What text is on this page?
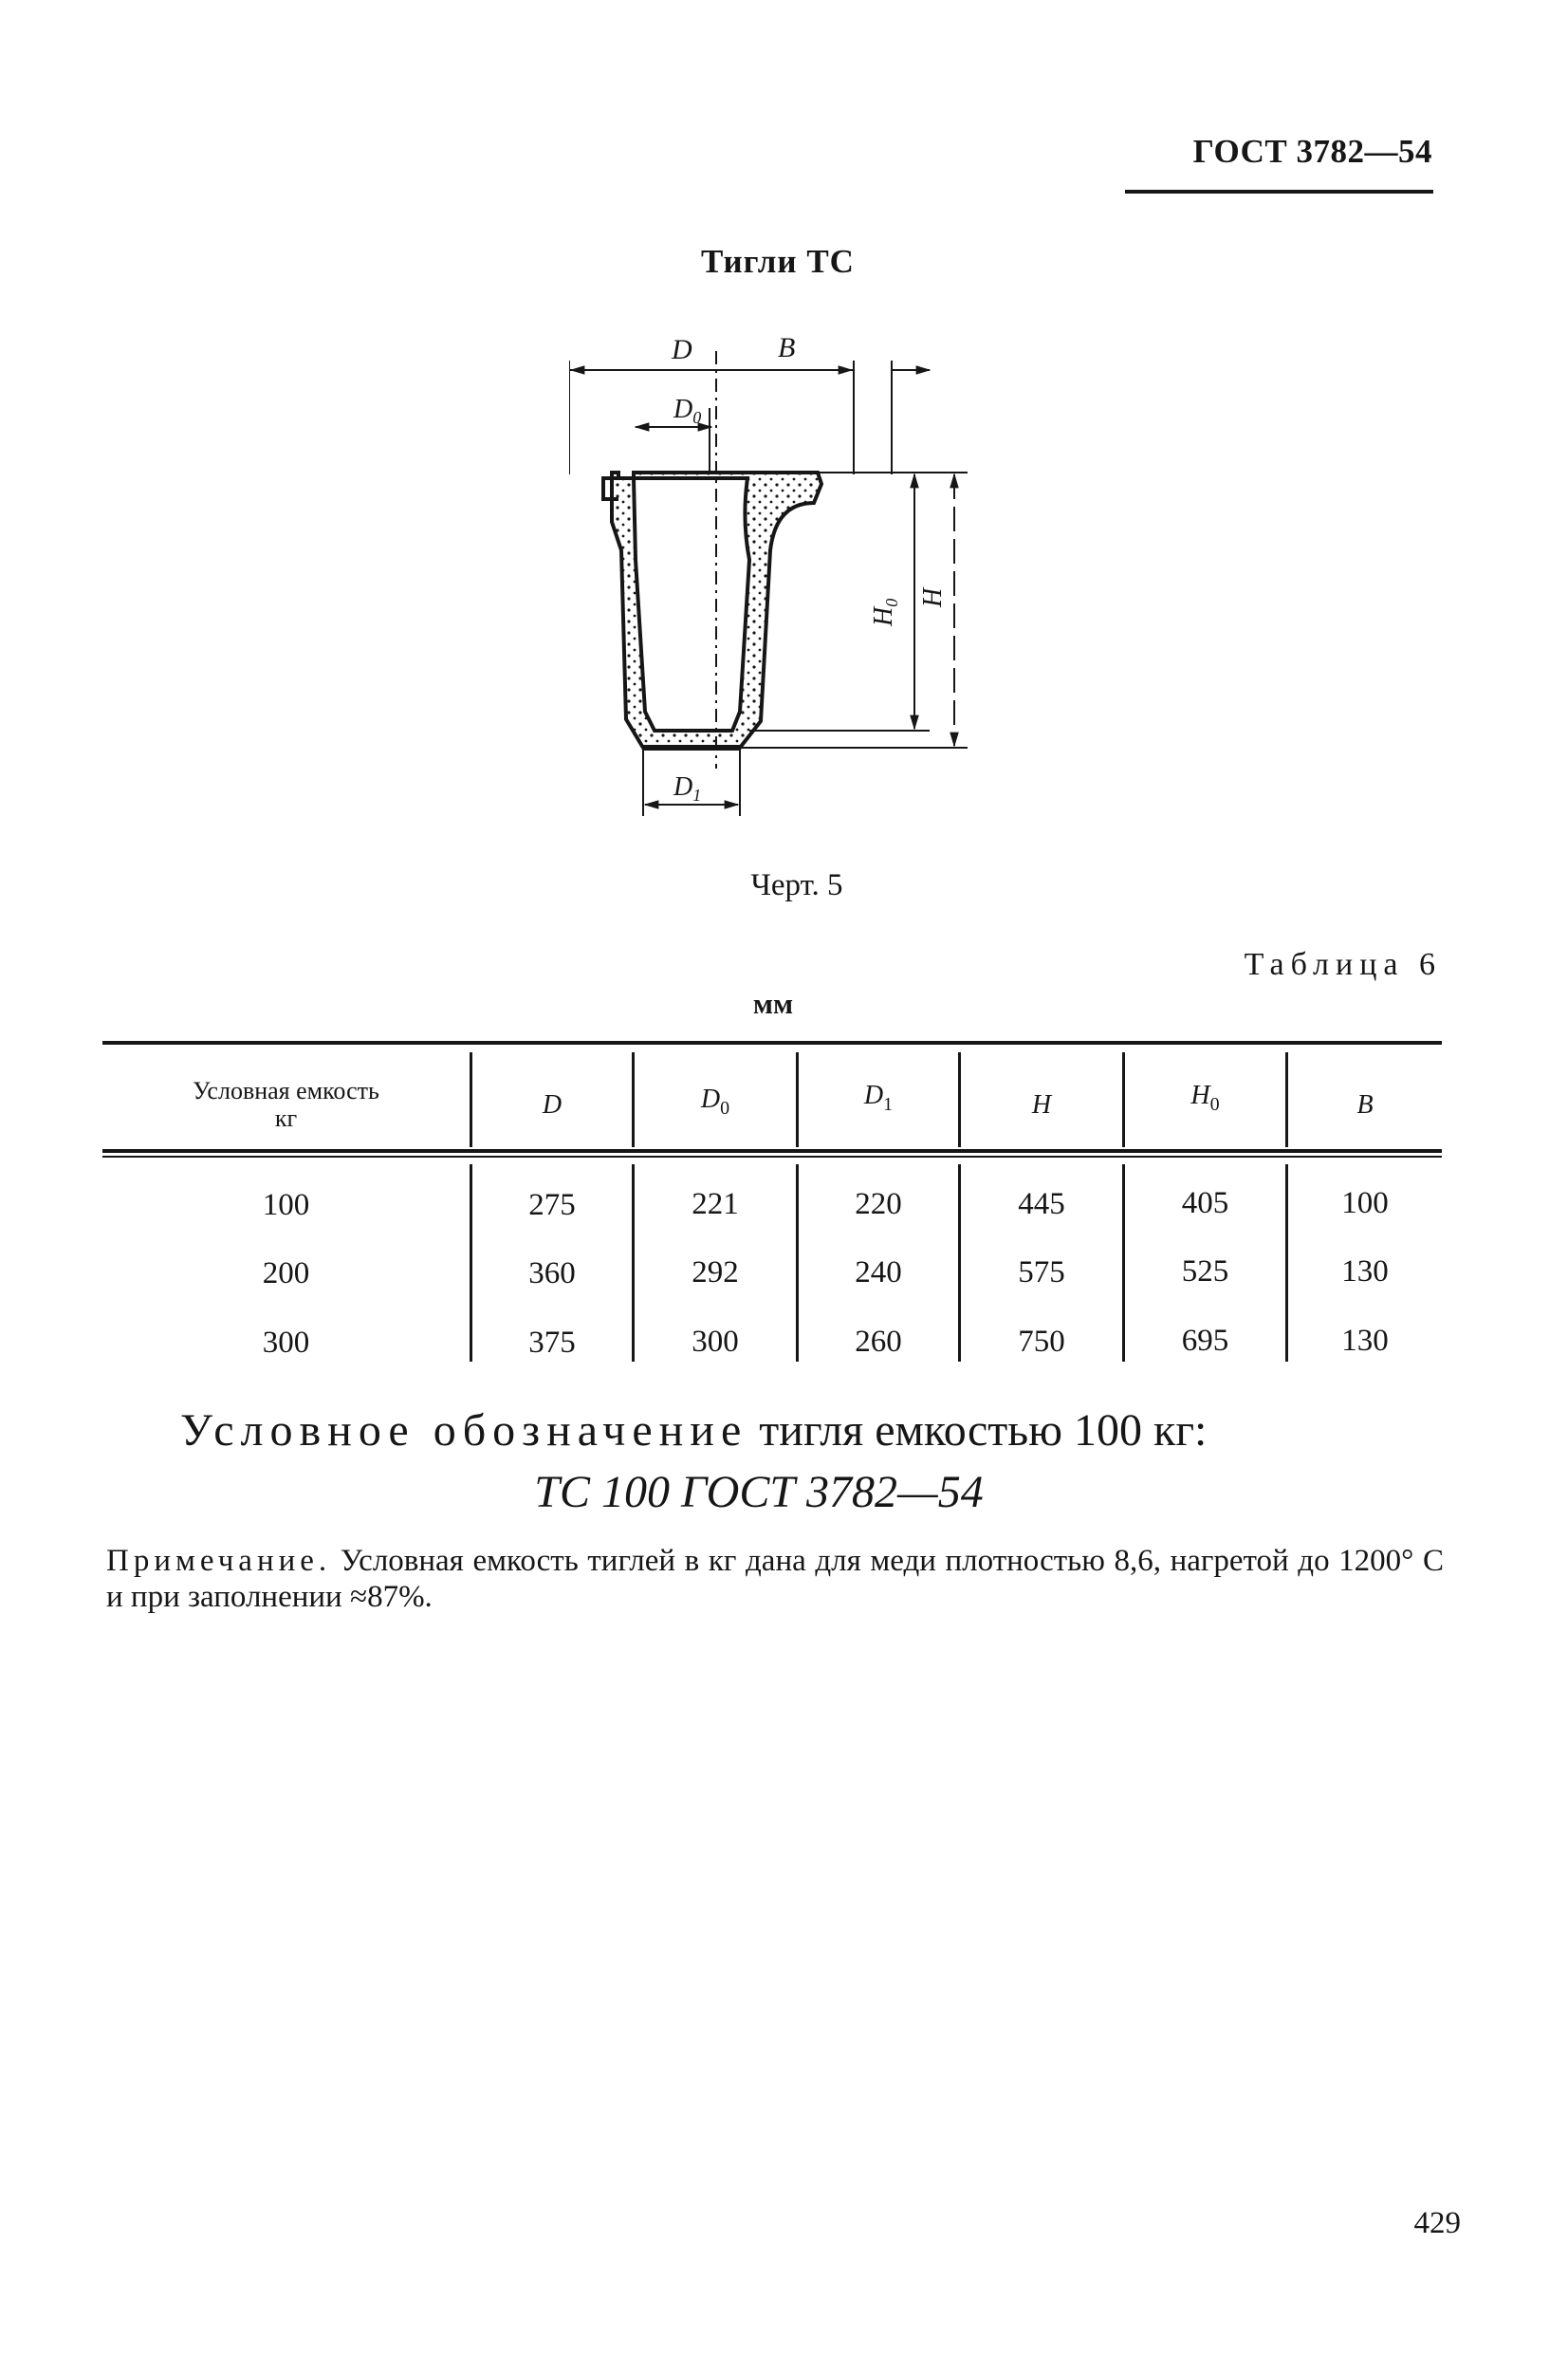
ГОСТ 3782—54
Тигли ТС
D	B
$D_0$
$D_1$
$H_0$ H
Черт. 5
Таблица 6
мм
Условная емкость
кг	D	$D_0$	$D_1$	H	$H_0$	B
100	275	221	220	445	405	100
200	360	292	240	575	525	130
300	375	300	260	750	695	130
Условное обозначение тигля емкостью 100 кг:
ТС 100 ГОСТ 3782—54
Примечание. Условная емкость тиглей в кг дана для меди плотностью 8,6, нагретой до 1200° С и при заполнении ≈87%.
429
